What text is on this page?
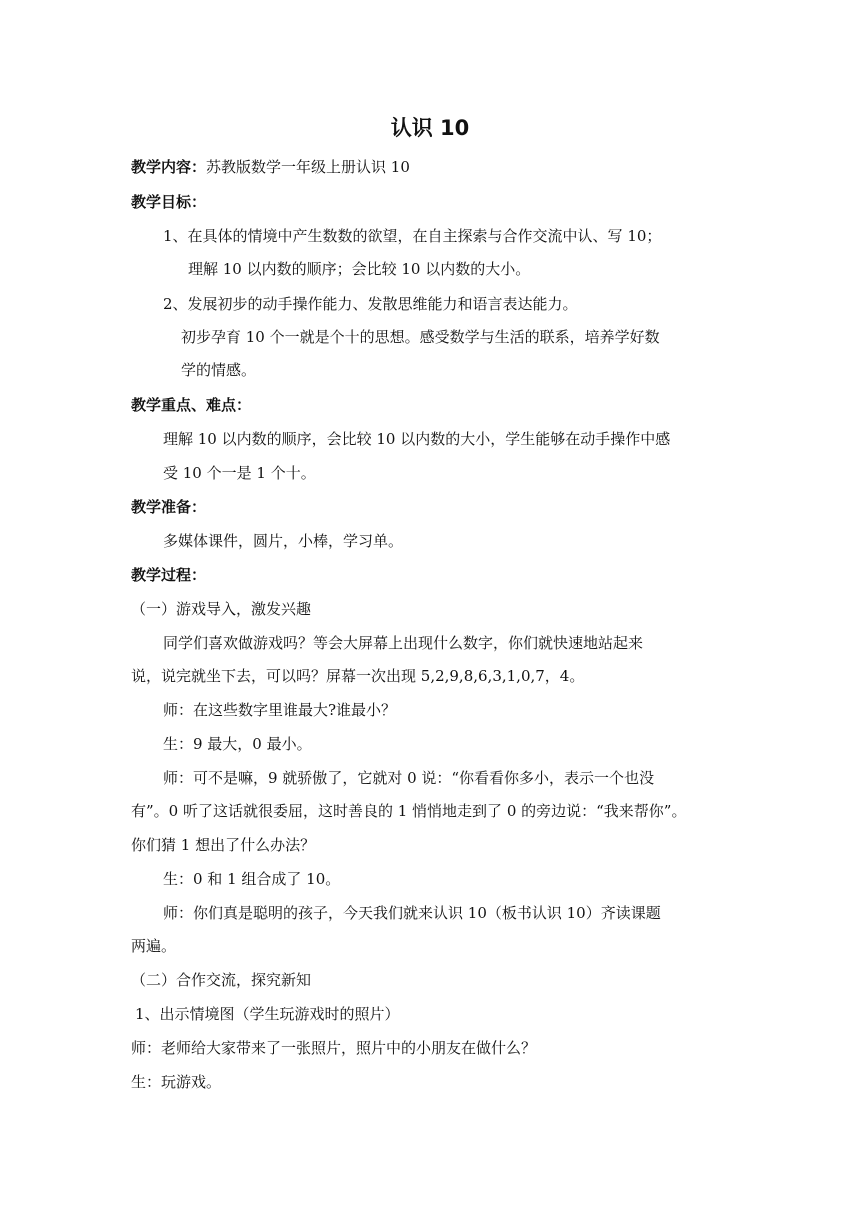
认识 10
教学内容：苏教版数学一年级上册认识 10
教学目标：
1、在具体的情境中产生数数的欲望，在自主探索与合作交流中认、写 10；
理解 10 以内数的顺序；会比较 10 以内数的大小。
2、发展初步的动手操作能力、发散思维能力和语言表达能力。
初步孕育 10 个一就是个十的思想。感受数学与生活的联系，培养学好数
学的情感。
教学重点、难点：
理解 10 以内数的顺序，会比较 10 以内数的大小，学生能够在动手操作中感
受 10 个一是 1 个十。
教学准备：
多媒体课件，圆片，小棒，学习单。
教学过程：
（一）游戏导入，激发兴趣
同学们喜欢做游戏吗？等会大屏幕上出现什么数字，你们就快速地站起来
说，说完就坐下去，可以吗？屏幕一次出现 5,2,9,8,6,3,1,0,7，4。
师：在这些数字里谁最大?谁最小？
生：9 最大，0 最小。
师：可不是嘛，9 就骄傲了，它就对 0 说：“你看看你多小，表示一个也没
有”。0 听了这话就很委屈，这时善良的 1 悄悄地走到了 0 的旁边说：“我来帮你”。
你们猜 1 想出了什么办法？
生：0 和 1 组合成了 10。
师：你们真是聪明的孩子，今天我们就来认识 10（板书认识 10）齐读课题
两遍。
（二）合作交流，探究新知
1、出示情境图（学生玩游戏时的照片）
师：老师给大家带来了一张照片，照片中的小朋友在做什么？
生：玩游戏。
